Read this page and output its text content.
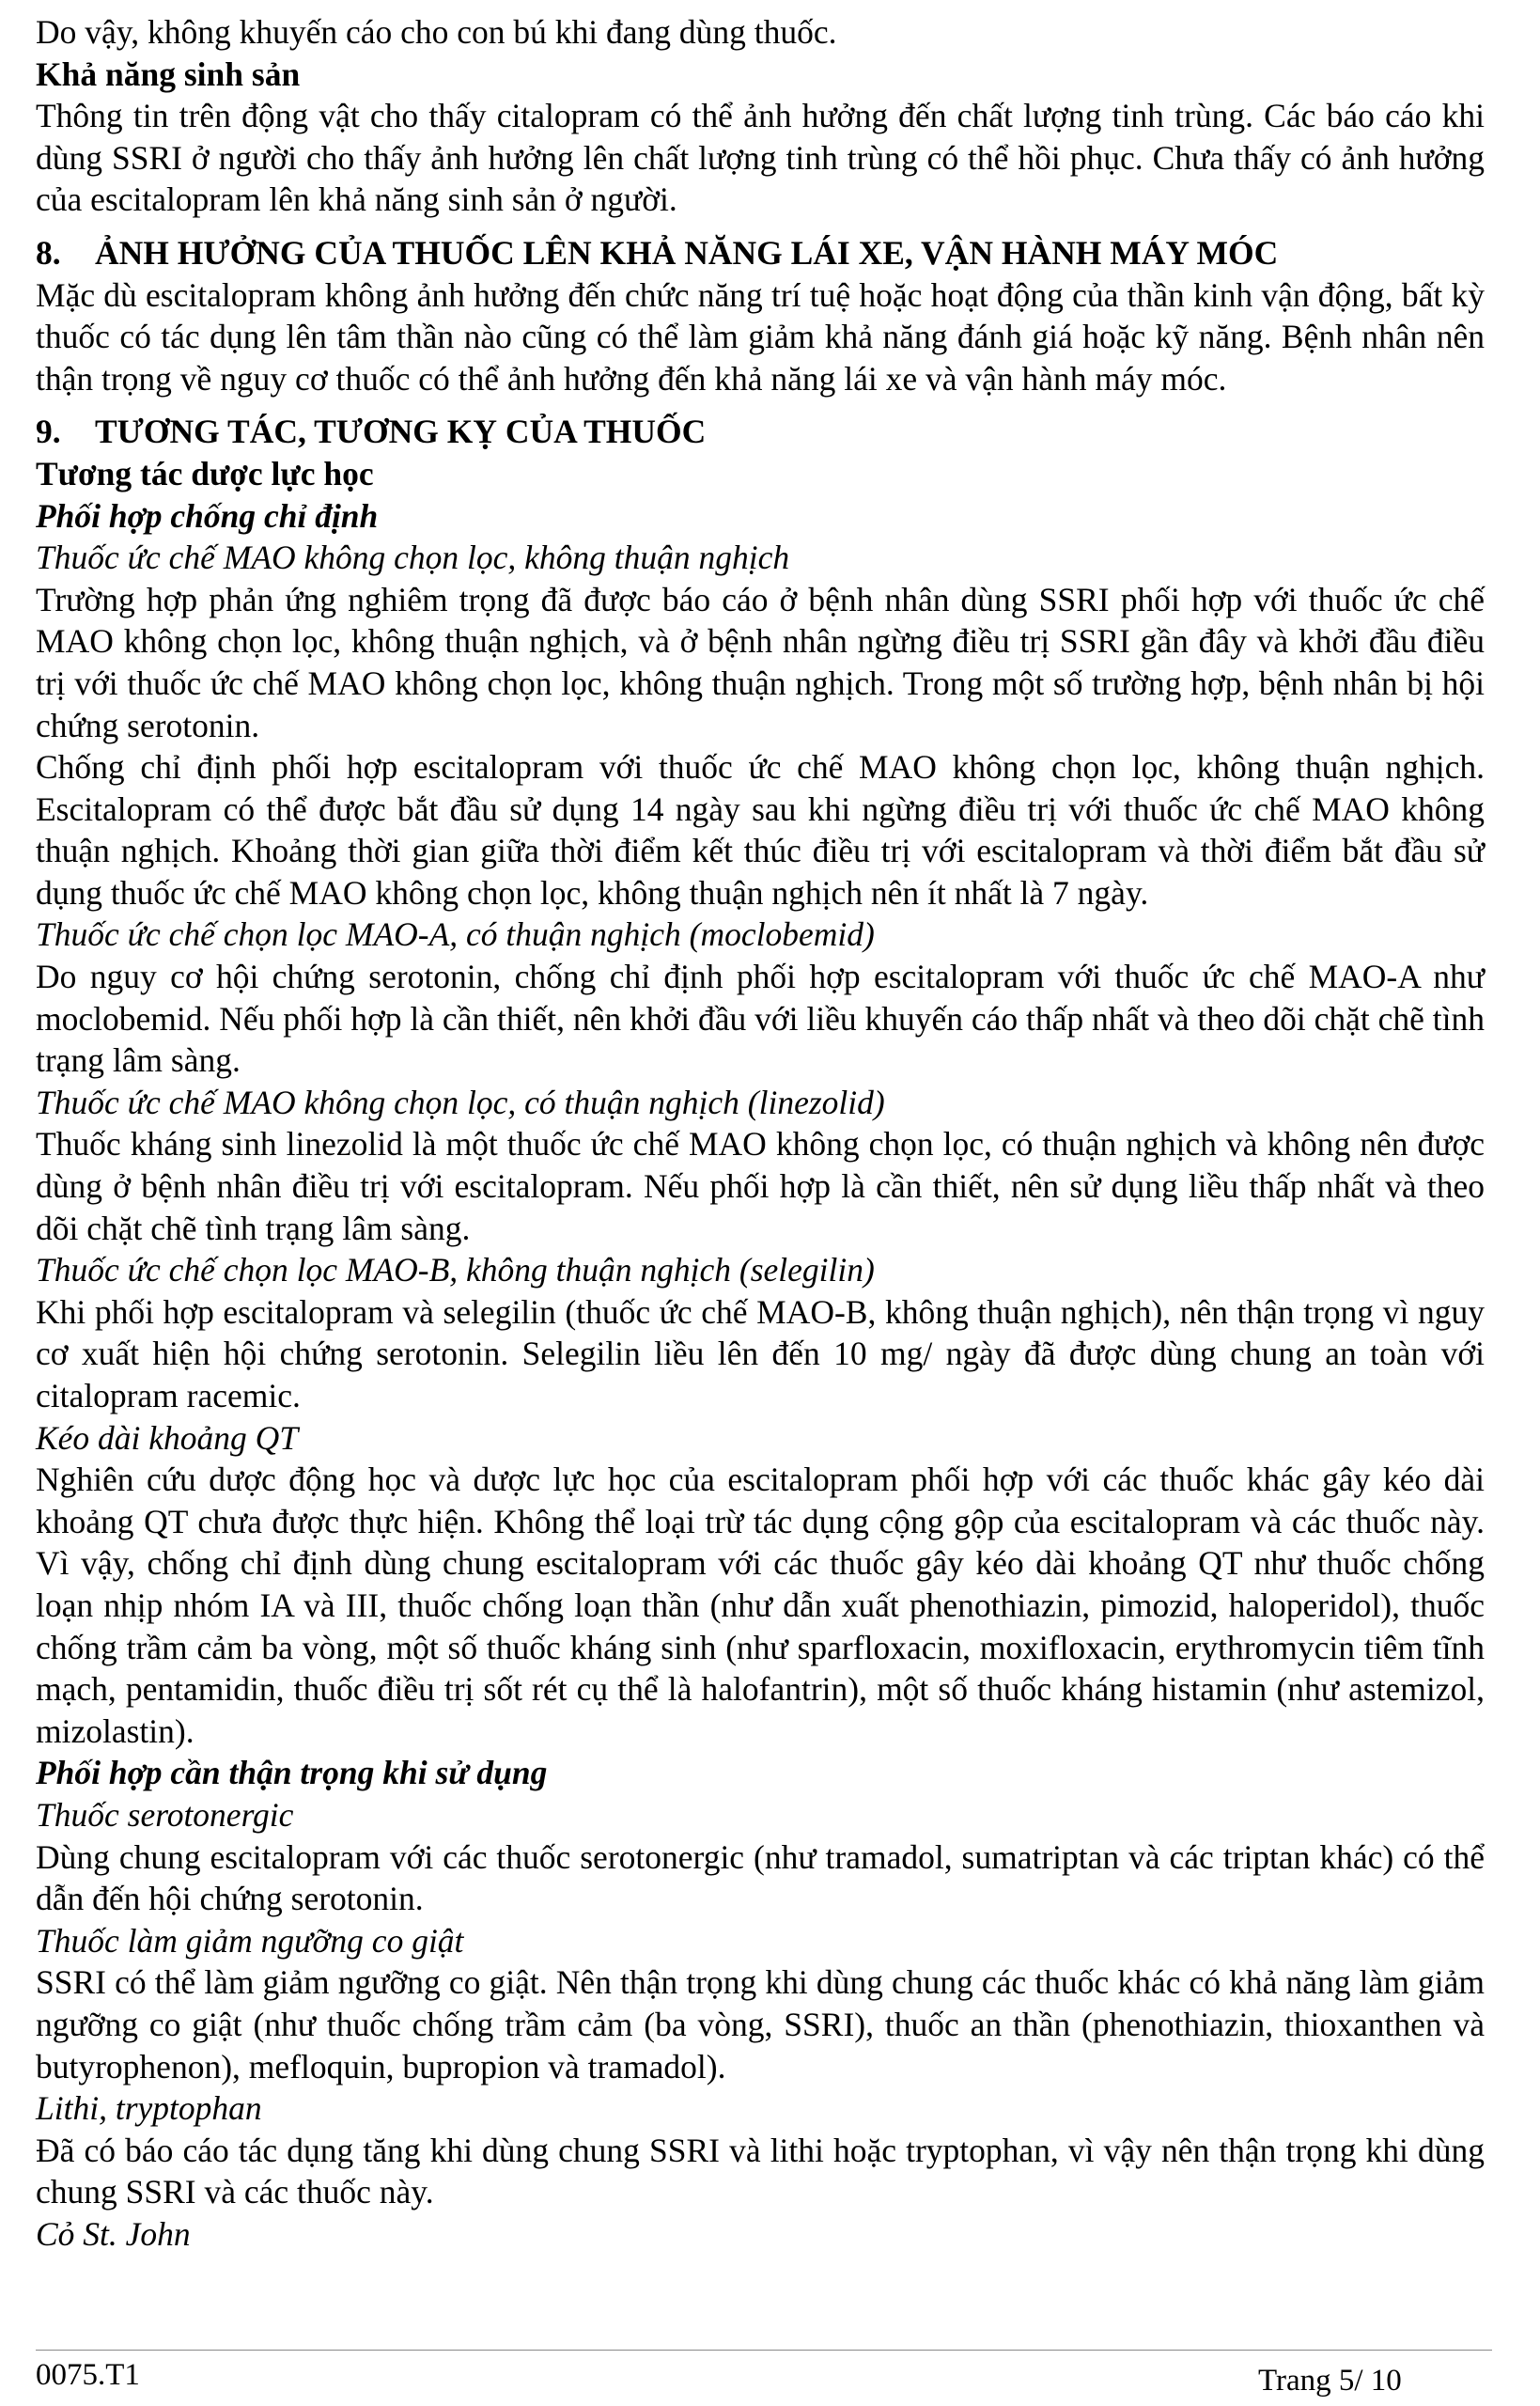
Do vậy, không khuyến cáo cho con bú khi đang dùng thuốc.

Khả năng sinh sản

Thông tin trên động vật cho thấy citalopram có thể ảnh hưởng đến chất lượng tinh trùng. Các báo cáo khi dùng SSRI ở người cho thấy ảnh hưởng lên chất lượng tinh trùng có thể hồi phục. Chưa thấy có ảnh hưởng của escitalopram lên khả năng sinh sản ở người.

8. ẢNH HƯỞNG CỦA THUỐC LÊN KHẢ NĂNG LÁI XE, VẬN HÀNH MÁY MÓC

Mặc dù escitalopram không ảnh hưởng đến chức năng trí tuệ hoặc hoạt động của thần kinh vận động, bất kỳ thuốc có tác dụng lên tâm thần nào cũng có thể làm giảm khả năng đánh giá hoặc kỹ năng. Bệnh nhân nên thận trọng về nguy cơ thuốc có thể ảnh hưởng đến khả năng lái xe và vận hành máy móc.

9. TƯƠNG TÁC, TƯƠNG KỴ CỦA THUỐC

Tương tác dược lực học

Phối hợp chống chỉ định

Thuốc ức chế MAO không chọn lọc, không thuận nghịch

Trường hợp phản ứng nghiêm trọng đã được báo cáo ở bệnh nhân dùng SSRI phối hợp với thuốc ức chế MAO không chọn lọc, không thuận nghịch, và ở bệnh nhân ngừng điều trị SSRI gần đây và khởi đầu điều trị với thuốc ức chế MAO không chọn lọc, không thuận nghịch. Trong một số trường hợp, bệnh nhân bị hội chứng serotonin.

Chống chỉ định phối hợp escitalopram với thuốc ức chế MAO không chọn lọc, không thuận nghịch. Escitalopram có thể được bắt đầu sử dụng 14 ngày sau khi ngừng điều trị với thuốc ức chế MAO không thuận nghịch. Khoảng thời gian giữa thời điểm kết thúc điều trị với escitalopram và thời điểm bắt đầu sử dụng thuốc ức chế MAO không chọn lọc, không thuận nghịch nên ít nhất là 7 ngày.

Thuốc ức chế chọn lọc MAO-A, có thuận nghịch (moclobemid)

Do nguy cơ hội chứng serotonin, chống chỉ định phối hợp escitalopram với thuốc ức chế MAO-A như moclobemid. Nếu phối hợp là cần thiết, nên khởi đầu với liều khuyến cáo thấp nhất và theo dõi chặt chẽ tình trạng lâm sàng.

Thuốc ức chế MAO không chọn lọc, có thuận nghịch (linezolid)

Thuốc kháng sinh linezolid là một thuốc ức chế MAO không chọn lọc, có thuận nghịch và không nên được dùng ở bệnh nhân điều trị với escitalopram. Nếu phối hợp là cần thiết, nên sử dụng liều thấp nhất và theo dõi chặt chẽ tình trạng lâm sàng.

Thuốc ức chế chọn lọc MAO-B, không thuận nghịch (selegilin)

Khi phối hợp escitalopram và selegilin (thuốc ức chế MAO-B, không thuận nghịch), nên thận trọng vì nguy cơ xuất hiện hội chứng serotonin. Selegilin liều lên đến 10 mg/ ngày đã được dùng chung an toàn với citalopram racemic.

Kéo dài khoảng QT

Nghiên cứu dược động học và dược lực học của escitalopram phối hợp với các thuốc khác gây kéo dài khoảng QT chưa được thực hiện. Không thể loại trừ tác dụng cộng gộp của escitalopram và các thuốc này. Vì vậy, chống chỉ định dùng chung escitalopram với các thuốc gây kéo dài khoảng QT như thuốc chống loạn nhịp nhóm IA và III, thuốc chống loạn thần (như dẫn xuất phenothiazin, pimozid, haloperidol), thuốc chống trầm cảm ba vòng, một số thuốc kháng sinh (như sparfloxacin, moxifloxacin, erythromycin tiêm tĩnh mạch, pentamidin, thuốc điều trị sốt rét cụ thể là halofantrin), một số thuốc kháng histamin (như astemizol, mizolastin).

Phối hợp cần thận trọng khi sử dụng

Thuốc serotonergic

Dùng chung escitalopram với các thuốc serotonergic (như tramadol, sumatriptan và các triptan khác) có thể dẫn đến hội chứng serotonin.

Thuốc làm giảm ngưỡng co giật

SSRI có thể làm giảm ngưỡng co giật. Nên thận trọng khi dùng chung các thuốc khác có khả năng làm giảm ngưỡng co giật (như thuốc chống trầm cảm (ba vòng, SSRI), thuốc an thần (phenothiazin, thioxanthen và butyrophenon), mefloquin, bupropion và tramadol).

Lithi, tryptophan

Đã có báo cáo tác dụng tăng khi dùng chung SSRI và lithi hoặc tryptophan, vì vậy nên thận trọng khi dùng chung SSRI và các thuốc này.

Cỏ St. John

0075.T1	Trang 5/ 10
